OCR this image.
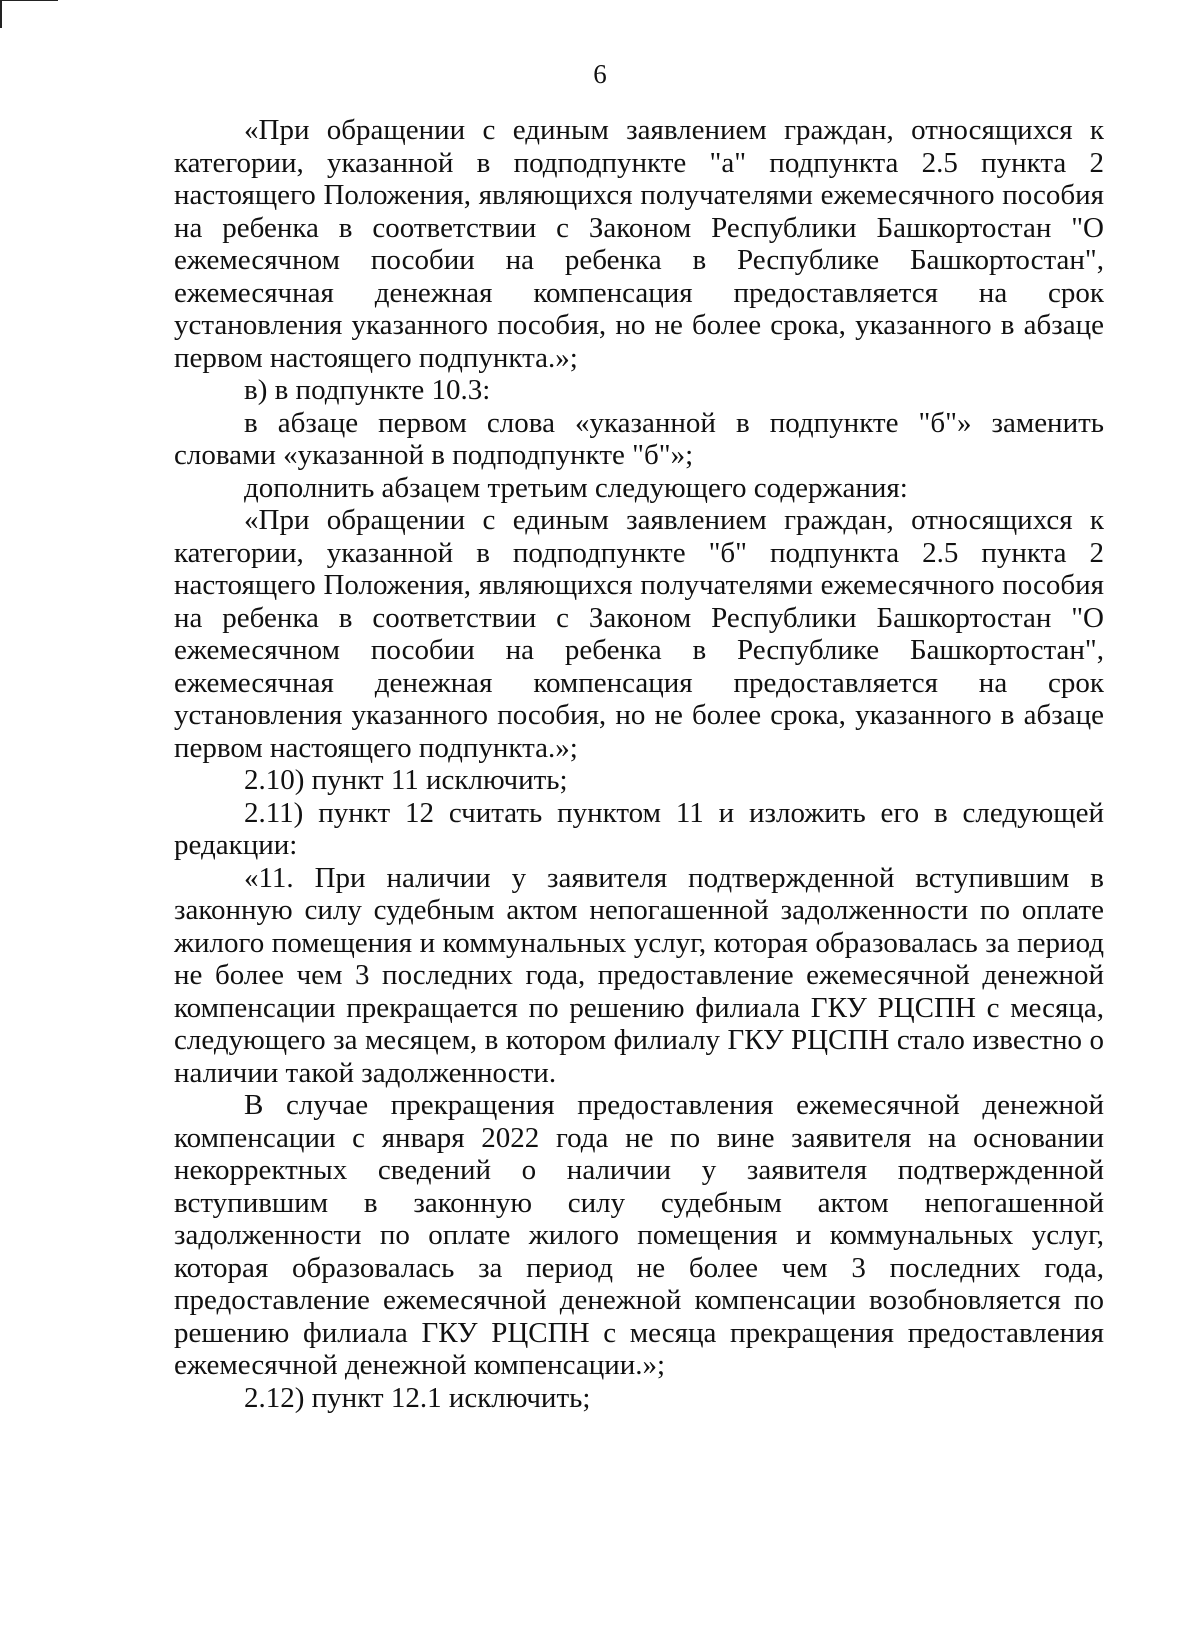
6

«При обращении с единым заявлением граждан, относящихся к категории, указанной в подподпункте "а" подпункта 2.5 пункта 2 настоящего Положения, являющихся получателями ежемесячного пособия на ребенка в соответствии с Законом Республики Башкортостан "О ежемесячном пособии на ребенка в Республике Башкортостан", ежемесячная денежная компенсация предоставляется на срок установления указанного пособия, но не более срока, указанного в абзаце первом настоящего подпункта.»;

в) в подпункте 10.3:

в абзаце первом слова «указанной в подпункте "б"» заменить словами «указанной в подподпункте "б"»;

дополнить абзацем третьим следующего содержания:

«При обращении с единым заявлением граждан, относящихся к категории, указанной в подподпункте "б" подпункта 2.5 пункта 2 настоящего Положения, являющихся получателями ежемесячного пособия на ребенка в соответствии с Законом Республики Башкортостан "О ежемесячном пособии на ребенка в Республике Башкортостан", ежемесячная денежная компенсация предоставляется на срок установления указанного пособия, но не более срока, указанного в абзаце первом настоящего подпункта.»;

2.10) пункт 11 исключить;

2.11) пункт 12 считать пунктом 11 и изложить его в следующей редакции:

«11. При наличии у заявителя подтвержденной вступившим в законную силу судебным актом непогашенной задолженности по оплате жилого помещения и коммунальных услуг, которая образовалась за период не более чем 3 последних года, предоставление ежемесячной денежной компенсации прекращается по решению филиала ГКУ РЦСПН с месяца, следующего за месяцем, в котором филиалу ГКУ РЦСПН стало известно о наличии такой задолженности.

В случае прекращения предоставления ежемесячной денежной компенсации с января 2022 года не по вине заявителя на основании некорректных сведений о наличии у заявителя подтвержденной вступившим в законную силу судебным актом непогашенной задолженности по оплате жилого помещения и коммунальных услуг, которая образовалась за период не более чем 3 последних года, предоставление ежемесячной денежной компенсации возобновляется по решению филиала ГКУ РЦСПН с месяца прекращения предоставления ежемесячной денежной компенсации.»;

2.12) пункт 12.1 исключить;
